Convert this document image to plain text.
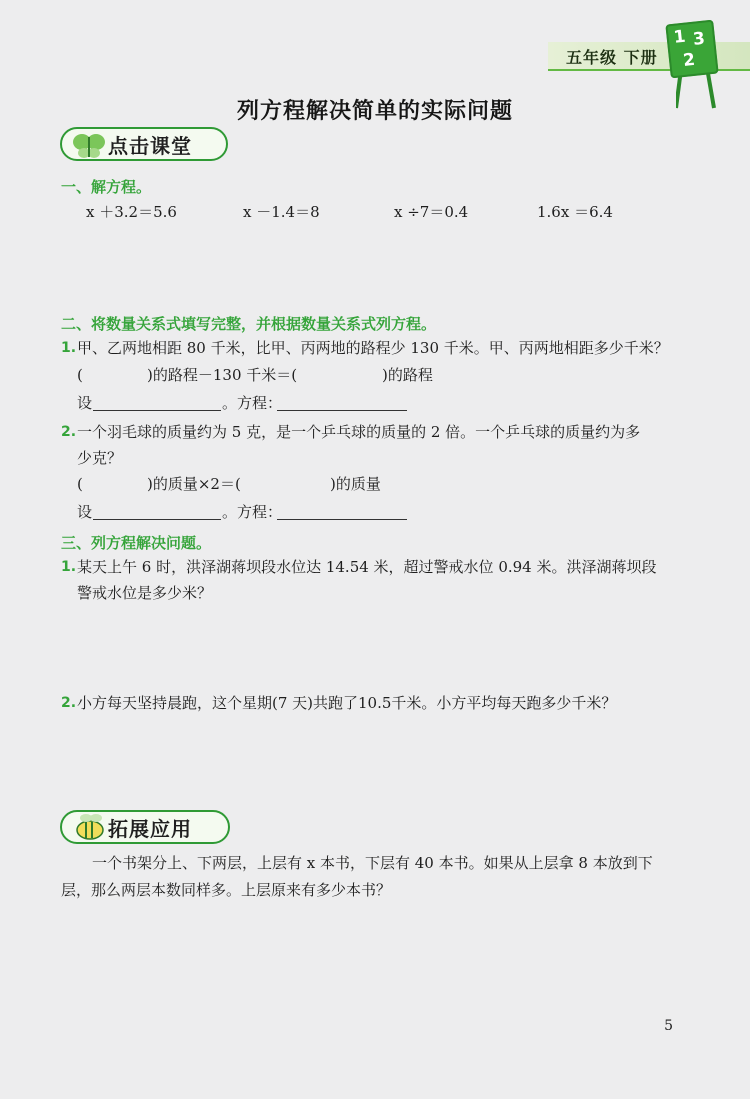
五年级 下册
1 3
2
列方程解决简单的实际问题
点击课堂
一、解方程。
x ＋3.2＝5.6	x －1.4＝8	x ÷7＝0.4	1.6x ＝6.4
二、将数量关系式填写完整，并根据数量关系式列方程。
1. 甲、乙两地相距 80 千米，比甲、丙两地的路程少 130 千米。甲、丙两地相距多少千米？
(	)的路程－130 千米＝(	)的路程
设	。方程：
2. 一个羽毛球的质量约为 5 克，是一个乒乓球的质量的 2 倍。一个乒乓球的质量约为多
少克？
(	)的质量×2＝(	)的质量
设	。方程：
三、列方程解决问题。
1. 某天上午 6 时，洪泽湖蒋坝段水位达 14.54 米，超过警戒水位 0.94 米。洪泽湖蒋坝段
警戒水位是多少米？
2. 小方每天坚持晨跑，这个星期(7 天)共跑了10.5千米。小方平均每天跑多少千米？
拓展应用
一个书架分上、下两层，上层有 x 本书，下层有 40 本书。如果从上层拿 8 本放到下
层，那么两层本数同样多。上层原来有多少本书？
5
